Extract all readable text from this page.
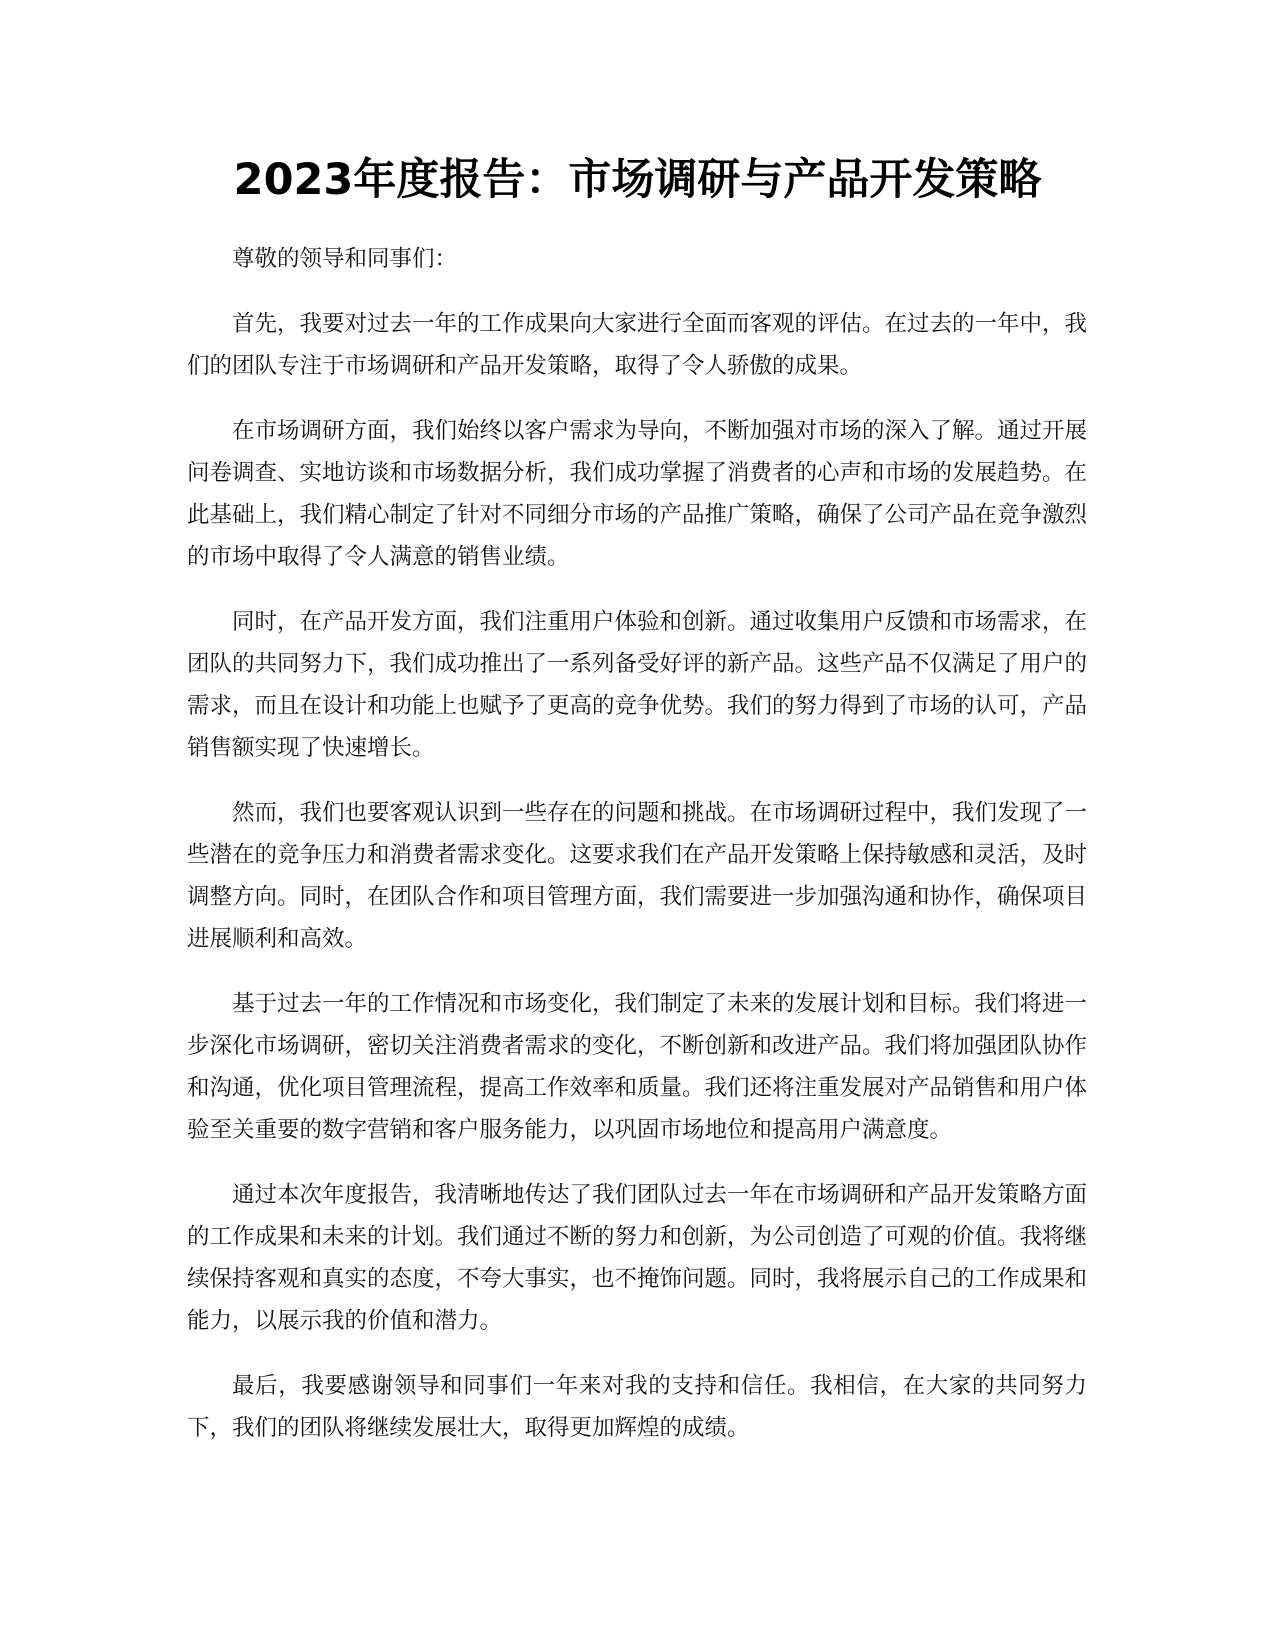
2023年度报告：市场调研与产品开发策略

尊敬的领导和同事们：

首先，我要对过去一年的工作成果向大家进行全面而客观的评估。在过去的一年中，我们的团队专注于市场调研和产品开发策略，取得了令人骄傲的成果。

在市场调研方面，我们始终以客户需求为导向，不断加强对市场的深入了解。通过开展问卷调查、实地访谈和市场数据分析，我们成功掌握了消费者的心声和市场的发展趋势。在此基础上，我们精心制定了针对不同细分市场的产品推广策略，确保了公司产品在竞争激烈的市场中取得了令人满意的销售业绩。

同时，在产品开发方面，我们注重用户体验和创新。通过收集用户反馈和市场需求，在团队的共同努力下，我们成功推出了一系列备受好评的新产品。这些产品不仅满足了用户的需求，而且在设计和功能上也赋予了更高的竞争优势。我们的努力得到了市场的认可，产品销售额实现了快速增长。

然而，我们也要客观认识到一些存在的问题和挑战。在市场调研过程中，我们发现了一些潜在的竞争压力和消费者需求变化。这要求我们在产品开发策略上保持敏感和灵活，及时调整方向。同时，在团队合作和项目管理方面，我们需要进一步加强沟通和协作，确保项目进展顺利和高效。

基于过去一年的工作情况和市场变化，我们制定了未来的发展计划和目标。我们将进一步深化市场调研，密切关注消费者需求的变化，不断创新和改进产品。我们将加强团队协作和沟通，优化项目管理流程，提高工作效率和质量。我们还将注重发展对产品销售和用户体验至关重要的数字营销和客户服务能力，以巩固市场地位和提高用户满意度。

通过本次年度报告，我清晰地传达了我们团队过去一年在市场调研和产品开发策略方面的工作成果和未来的计划。我们通过不断的努力和创新，为公司创造了可观的价值。我将继续保持客观和真实的态度，不夸大事实，也不掩饰问题。同时，我将展示自己的工作成果和能力，以展示我的价值和潜力。

最后，我要感谢领导和同事们一年来对我的支持和信任。我相信，在大家的共同努力下，我们的团队将继续发展壮大，取得更加辉煌的成绩。
